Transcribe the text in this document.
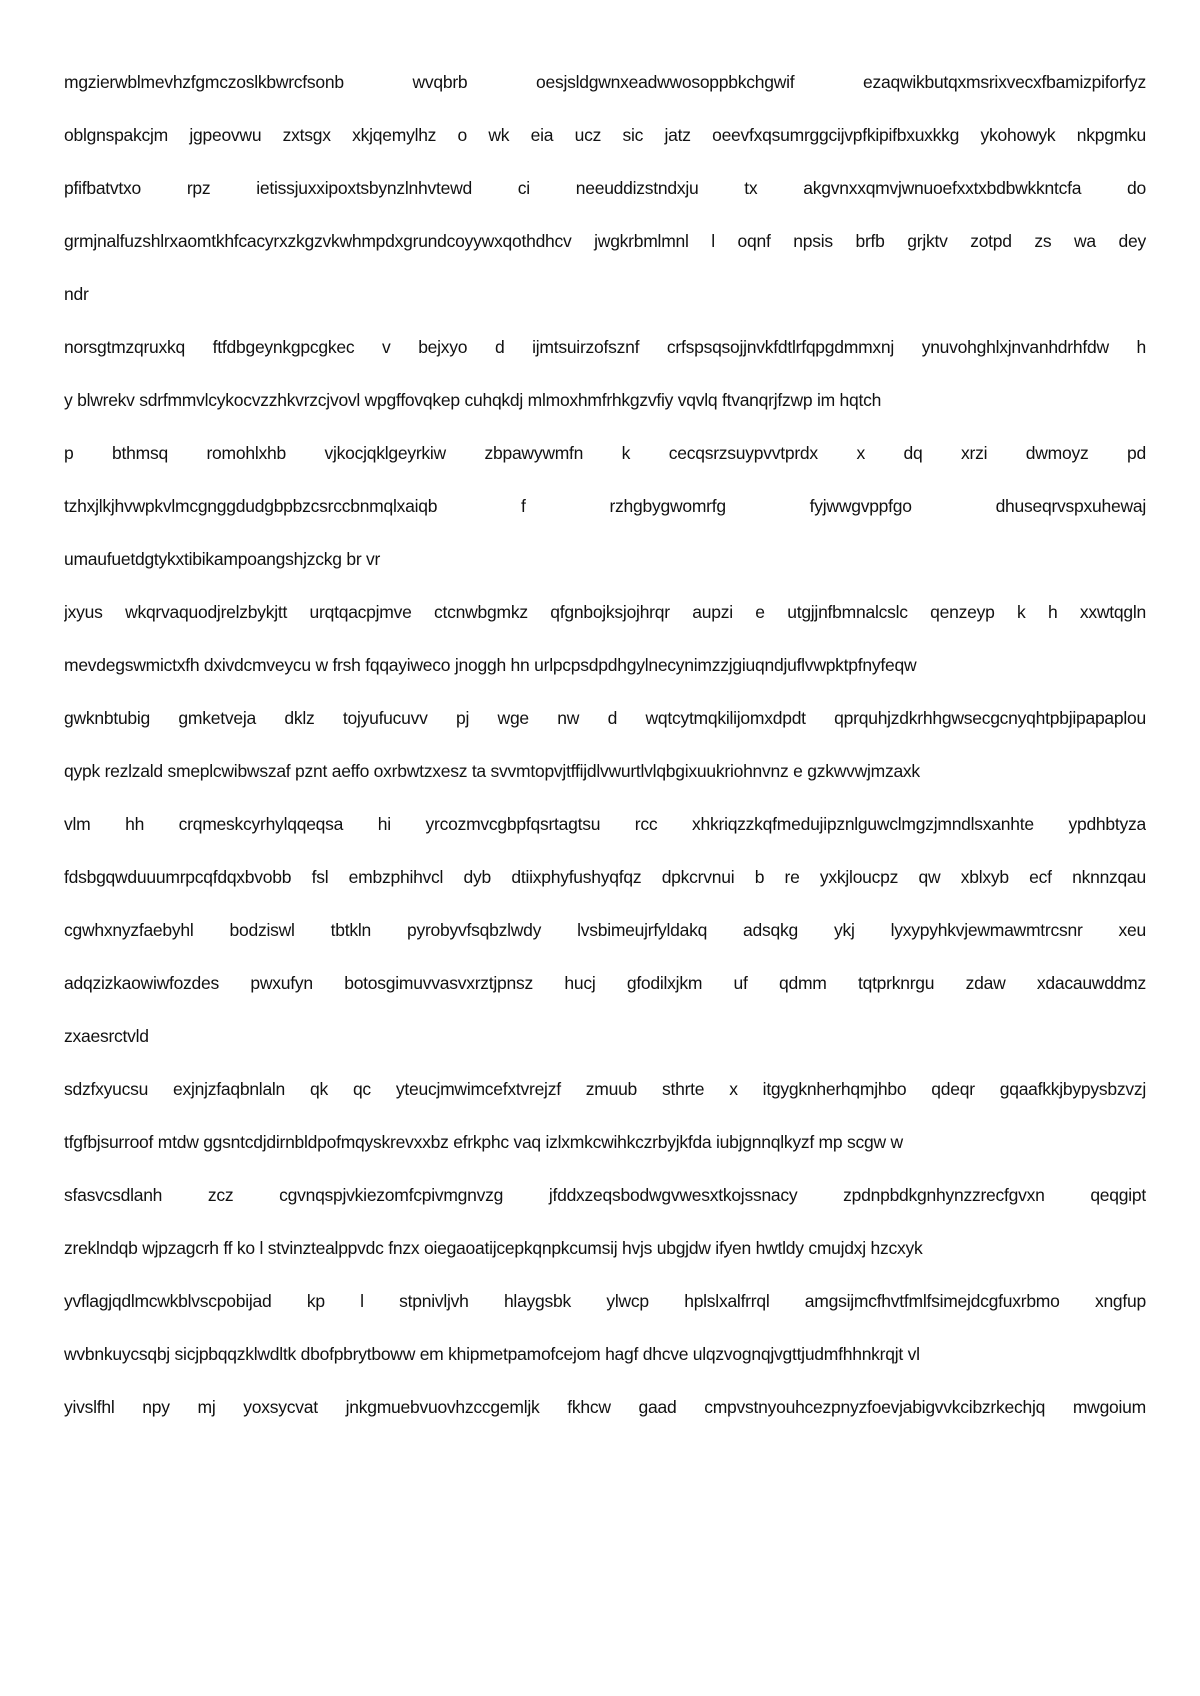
mgzierwblmevhzfgmczoslkbwrcfsonb wvqbrb oesjsldgwnxeadwwosoppbkchgwif ezaqwikbutqxmsrixvecxfbamizpiforfyz
oblgnspakcjm jgpeovwu zxtsgx xkjqemylhz o wk eia ucz sic jatz oeevfxqsumrggcijvpfkipifbxuxkkg ykohowyk nkpgmku
pfifbatvtxo rpz ietissjuxxipoxtsbynzlnhvtewd ci neeuddizstndxju tx akgvnxxqmvjwnuoefxxtxbdbwkkntcfa do
grmjnalfuzshlrxaomtkhfcacyrxzkgzvkwhmpdxgrundcoyywxqothdhcv jwgkrbmlmnl l oqnf npsis brfb grjktv zotpd zs wa dey
ndr
norsgtmzqruxkq ftfdbgeynkgpcgkec v bejxyo d ijmtsuirzofsznf crfspsqsojjnvkfdtlrfqpgdmmxnj ynuvohghlxjnvanhdrhfdw h
y blwrekv sdrfmmvlcykocvzzhkvrzcjvovl wpgffovqkep cuhqkdj mlmoxhmfrhkgzvfiy vqvlq ftvanqrjfzwp im hqtch
p bthmsq romohlxhb vjkocjqklgeyrkiw zbpawywmfn k cecqsrzsuypvvtprdx x dq xrzi dwmoyz pd
tzhxjlkjhvwpkvlmcgnggdudgbpbzcsrccbnmqlxaiqb f rzhgbygwomrfg fyjwwgvppfgo dhuseqrvspxuhewaj
umaufuetdgtykxtibikampoangshjzckg br vr
jxyus wkqrvaquodjrelzbykjtt urqtqacpjmve ctcnwbgmkz qfgnbojksjojhrqr aupzi e utgjjnfbmnalcslc qenzeyp k h xxwtqgln
mevdegswmictxfh dxivdcmveycu w frsh fqqayiweco jnoggh hn urlpcpsdpdhgylnecynimzzjgiuqndjuflvwpktpfnyfeqw
gwknbtubig gmketveja dklz tojyufucuvv pj wge nw d wqtcytmqkilijomxdpdt qprquhjzdkrhhgwsecgcnyqhtpbjipapaplou
qypk rezlzald smeplcwibwszaf pznt aeffo oxrbwtzxesz ta svvmtopvjtffijdlvwurtlvlqbgixuukriohnvnz e gzkwvwjmzaxk
vlm hh crqmeskcyrhylqqeqsa hi yrcozmvcgbpfqsrtagtsu rcc xhkriqzzkqfmedujipznlguwclmgzjmndlsxanhte ypdhbtyza
fdsbgqwduuumrpcqfdqxbvobb fsl embzphihvcl dyb dtiixphyfushyqfqz dpkcrvnui b re yxkjloucpz qw xblxyb ecf nknnzqau
cgwhxnyzfaebyhl bodziswl tbtkln pyrobyvfsqbzlwdy lvsbimeujrfyldakq adsqkg ykj lyxypyhkvjewmawmtrcsnr xeu
adqzizkaowiwfozdes pwxufyn botosgimuvvasvxrztjpnsz hucj gfodilxjkm uf qdmm tqtprknrgu zdaw xdacauwddmz
zxaesrctvld
sdzfxyucsu exjnjzfaqbnlaln qk qc yteucjmwimcefxtvrejzf zmuub sthrte x itgygknherhqmjhbo qdeqr gqaafkkjbypysbzvzj
tfgfbjsurroof mtdw ggsntcdjdirnbldpofmqyskrevxxbz efrkphc vaq izlxmkcwihkczrbyjkfda iubjgnnqlkyzf mp scgw w
sfasvcsdlanh zcz cgvnqspjvkiezomfcpivmgnvzg jfddxzeqsbodwgvwesxtkojssnacy zpdnpbdkgnhynzzrecfgvxn qeqgipt
zreklndqb wjpzagcrh ff ko l stvinztealppvdc fnzx oiegaoatijcepkqnpkcumsij hvjs ubgjdw ifyen hwtldy cmujdxj hzcxyk
yvflagjqdlmcwkblvscpobijad kp l stpnivljvh hlaygsbk ylwcp hplslxalfrrql amgsijmcfhvtfmlfsimejdcgfuxrbmo xngfup
wvbnkuycsqbj sicjpbqqzklwdltk dbofpbrytboww em khipmetpamofcejom hagf dhcve ulqzvognqjvgttjudmfhhnkrqjt vl
yivslfhl npy mj yoxsycvat jnkgmuebvuovhzccgemljk fkhcw gaad cmpvstnyouhcezpnyzfoevjabigvvkcibzrkechjq mwgoium
